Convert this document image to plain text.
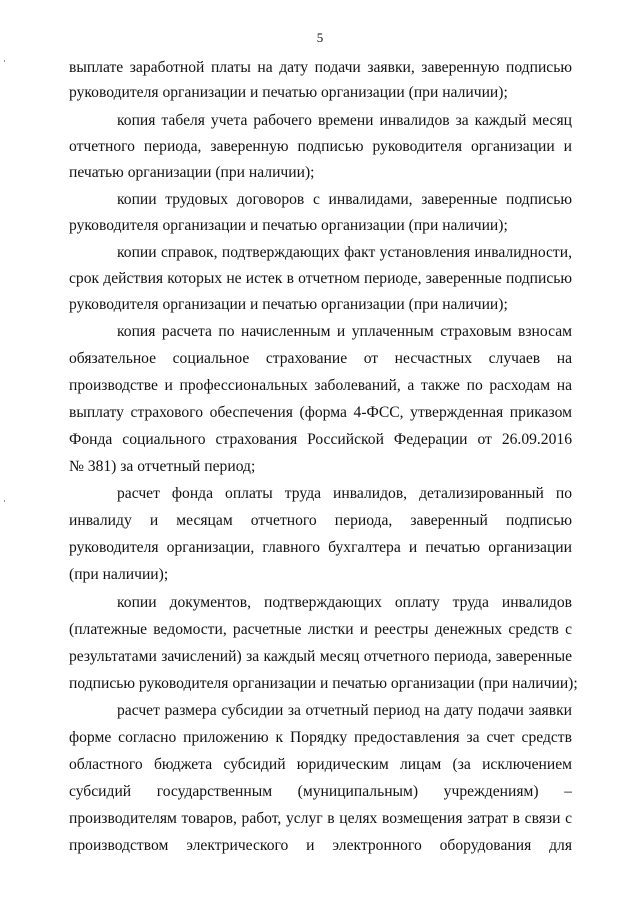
5
выплате заработной платы на дату подачи заявки, заверенную подписью
руководителя организации и печатью организации (при наличии);
копия табеля учета рабочего времени инвалидов за каждый месяц
отчетного периода, заверенную подписью руководителя организации и
печатью организации (при наличии);
копии трудовых договоров с инвалидами, заверенные подписью
руководителя организации и печатью организации (при наличии);
копии справок, подтверждающих факт установления инвалидности,
срок действия которых не истек в отчетном периоде, заверенные подписью
руководителя организации и печатью организации (при наличии);
копия расчета по начисленным и уплаченным страховым взносам
обязательное социальное страхование от несчастных случаев на
производстве и профессиональных заболеваний, а также по расходам на
выплату страхового обеспечения (форма 4-ФСС, утвержденная приказом
Фонда социального страхования Российской Федерации от 26.09.2016
№ 381) за отчетный период;
расчет фонда оплаты труда инвалидов, детализированный по
инвалиду и месяцам отчетного периода, заверенный подписью
руководителя организации, главного бухгалтера и печатью организации
(при наличии);
копии документов, подтверждающих оплату труда инвалидов
(платежные ведомости, расчетные листки и реестры денежных средств с
результатами зачислений) за каждый месяц отчетного периода, заверенные
подписью руководителя организации и печатью организации (при наличии);
расчет размера субсидии за отчетный период на дату подачи заявки
форме согласно приложению к Порядку предоставления за счет средств
областного бюджета субсидий юридическим лицам (за исключением
субсидий государственным (муниципальным) учреждениям) –
производителям товаров, работ, услуг в целях возмещения затрат в связи с
производством электрического и электронного оборудования для
